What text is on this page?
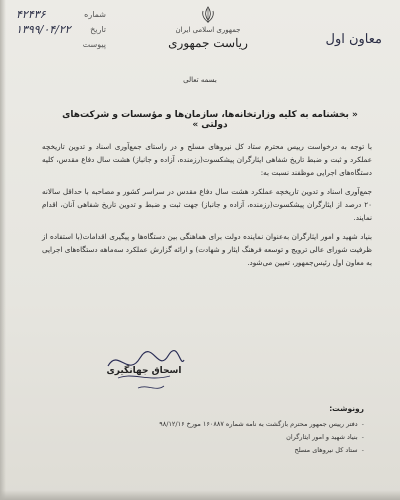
شماره
۴۲۴۳۶
تاریخ
۱۳۹۹/۰۴/۲۲
پیوست
جمهوری اسلامی ایران
ریاست جمهوری	معاون اول
بسمه تعالی
« بخشنامه به کلیه وزارتخانه‌ها، سازمان‌ها و مؤسسات و شرکت‌های دولتی »

با توجه به درخواست رییس محترم ستاد کل نیروهای مسلح و در راستای جمع‌آوری اسناد و تدوین تاریخچه عملکرد و ثبت و ضبط تاریخ شفاهی ایثارگران پیشکسوت(رزمنده، آزاده و جانباز) هشت سال دفاع مقدس، کلیه دستگاه‌های اجرایی موظفند نسبت به:

جمع‌آوری اسناد و تدوین تاریخچه عملکرد هشت سال دفاع مقدس در سراسر کشور و مصاحبه با حداقل سالانه ۲۰ درصد از ایثارگران پیشکسوت(رزمنده، آزاده و جانباز) جهت ثبت و ضبط و تدوین تاریخ شفاهی آنان، اقدام نمایند.

بنیاد شهید و امور ایثارگران به‌عنوان نماینده دولت برای هماهنگی بین دستگاه‌ها و پیگیری اقدامات(با استفاده از ظرفیت شورای عالی ترویج و توسعه فرهنگ ایثار و شهادت) و ارائه گزارش عملکرد سه‌ماهه دستگاه‌های اجرایی به معاون اول رئیس‌جمهور، تعیین می‌شود.

اسحاق جهانگیری
رونوشت:
-دفتر رییس جمهور محترم بازگشت به نامه شماره ۱۶۰۸۸۷ مورخ ۹۸/۱۲/۱۶
-بنیاد شهید و امور ایثارگران
-ستاد کل نیروهای مسلح
